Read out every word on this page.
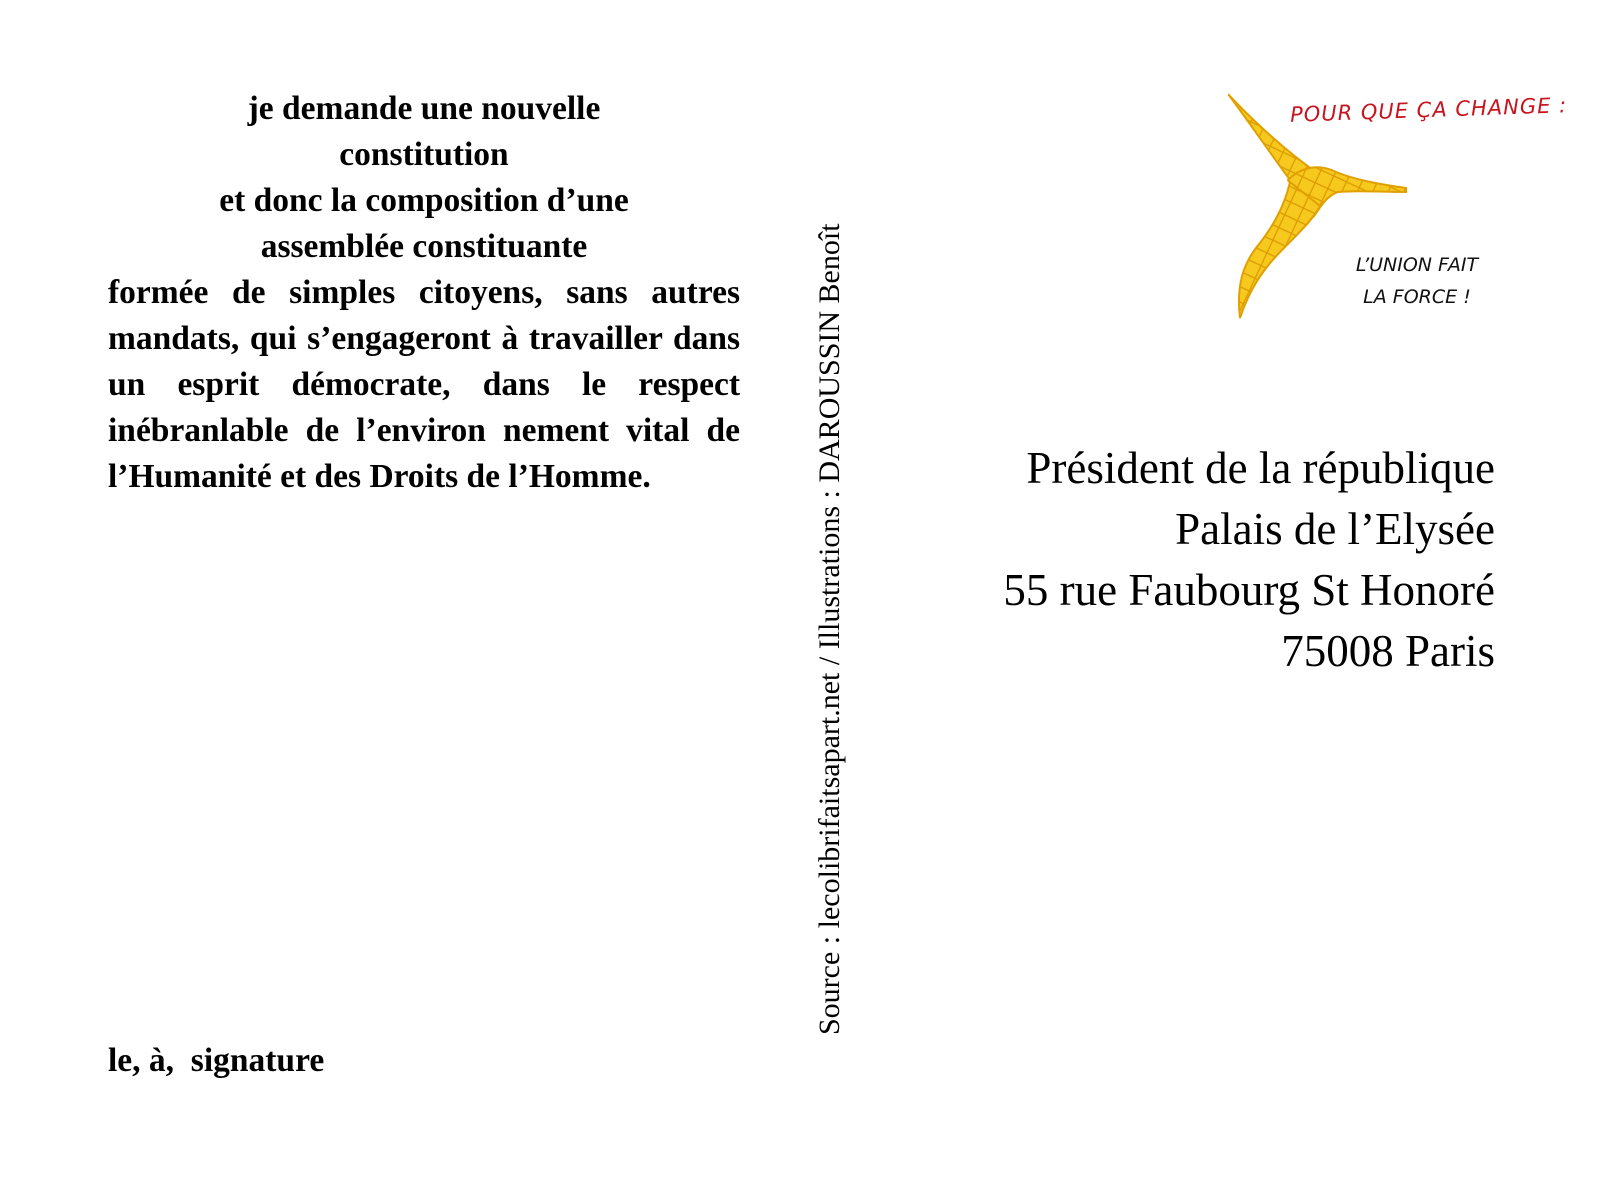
je demande une nouvelle
constitution
et donc la composition d’une
assemblée constituante
formée de simples citoyens, sans autres mandats, qui s’engageront à travailler dans un esprit démocrate, dans le respect inébranlable de l’environ nement vital de l’Humanité et des Droits de l’Homme.
le, à,  signature
Source : lecolibrifaitsapart.net / Illustrations : DAROUSSIN Benoît
POUR QUE ÇA CHANGE :
L’UNION FAIT
LA FORCE !
Président de la république
Palais de l’Elysée
55 rue Faubourg St Honoré
75008 Paris
